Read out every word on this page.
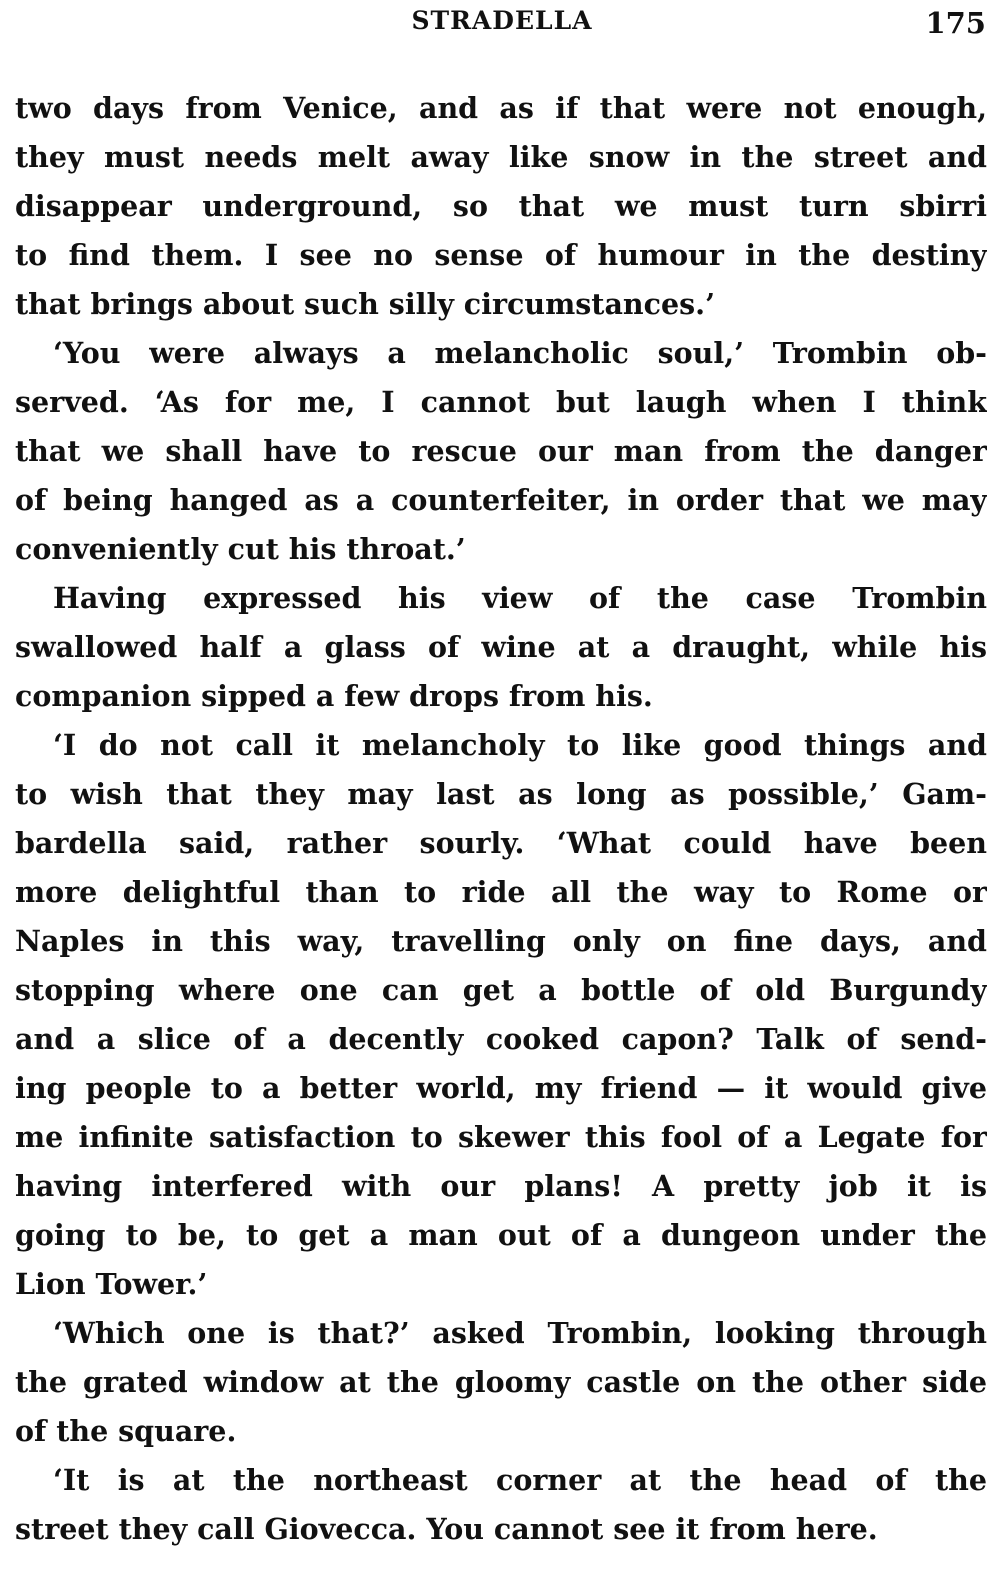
STRADELLA	175
two days from Venice, and as if that were not enough,
they must needs melt away like snow in the street and
disappear underground, so that we must turn sbirri
to find them. I see no sense of humour in the destiny
that brings about such silly circumstances.’
‘You were always a melancholic soul,’ Trombin ob-
served. ‘As for me, I cannot but laugh when I think
that we shall have to rescue our man from the danger
of being hanged as a counterfeiter, in order that we may
conveniently cut his throat.’
Having expressed his view of the case Trombin
swallowed half a glass of wine at a draught, while his
companion sipped a few drops from his.
‘I do not call it melancholy to like good things and
to wish that they may last as long as possible,’ Gam-
bardella said, rather sourly. ‘What could have been
more delightful than to ride all the way to Rome or
Naples in this way, travelling only on fine days, and
stopping where one can get a bottle of old Burgundy
and a slice of a decently cooked capon? Talk of send-
ing people to a better world, my friend — it would give
me infinite satisfaction to skewer this fool of a Legate for
having interfered with our plans! A pretty job it is
going to be, to get a man out of a dungeon under the
Lion Tower.’
‘Which one is that?’ asked Trombin, looking through
the grated window at the gloomy castle on the other side
of the square.
‘It is at the northeast corner at the head of the
street they call Giovecca. You cannot see it from here.
